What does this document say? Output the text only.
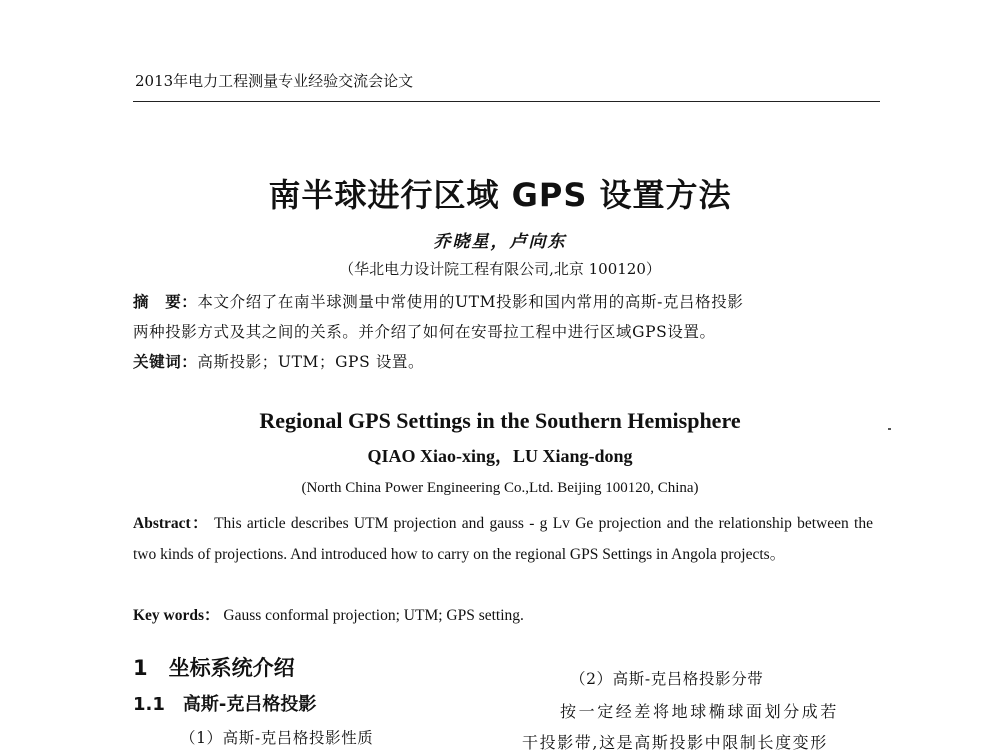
2013年电力工程测量专业经验交流会论文
南半球进行区域 GPS 设置方法
乔晓星，卢向东
（华北电力设计院工程有限公司,北京 100120）
摘　要：本文介绍了在南半球测量中常使用的UTM投影和国内常用的高斯-克吕格投影
两种投影方式及其之间的关系。并介绍了如何在安哥拉工程中进行区域GPS设置。
关键词：高斯投影；UTM；GPS 设置。
Regional GPS Settings in the Southern Hemisphere
QIAO Xiao-xing，LU Xiang-dong
(North China Power Engineering Co.,Ltd. Beijing 100120, China)
Abstract： This article describes UTM projection and gauss - g Lv Ge projection and the relationship between the two kinds of projections. And introduced how to carry on the regional GPS Settings in Angola projects。
Key words： Gauss conformal projection; UTM; GPS setting.
1　坐标系统介绍
1.1　高斯-克吕格投影
（1）高斯-克吕格投影性质
（2）高斯-克吕格投影分带
按一定经差将地球椭球面划分成若
干投影带,这是高斯投影中限制长度变形
